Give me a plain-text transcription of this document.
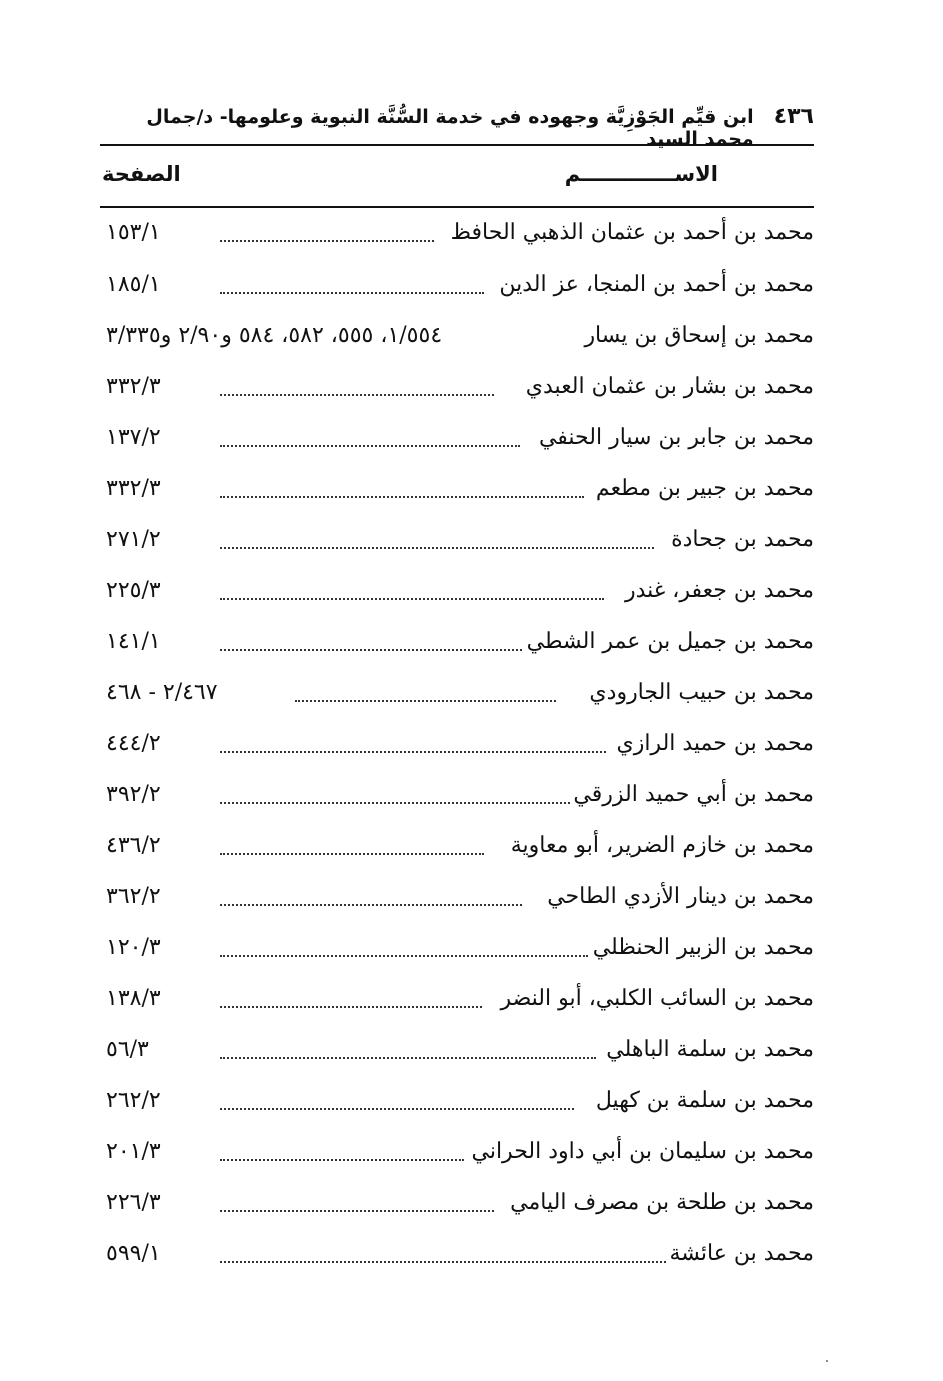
٤٣٦
ابن قيِّم الجَوْزِيَّة وجهوده في خدمة السُّنَّة النبوية وعلومها- د/جمال محمد السيد
الاســـــــــــــم
الصفحة
محمد بن أحمد بن عثمان الذهبي الحافظ
١٥٣/١
محمد بن أحمد بن المنجا، عز الدين
١٨٥/١
محمد بن إسحاق بن يسار
١/٥٥٤، ٥٥٥، ٥٨٢، ٥٨٤ و٢/٩٠ و٣/٣٣٥
محمد بن بشار بن عثمان العبدي
٣٣٢/٣
محمد بن جابر بن سيار الحنفي
١٣٧/٢
محمد بن جبير بن مطعم
٣٣٢/٣
محمد بن جحادة
٢٧١/٢
محمد بن جعفر، غندر
٢٢٥/٣
محمد بن جميل بن عمر الشطي
١٤١/١
محمد بن حبيب الجارودي
٢/٤٦٧ - ٤٦٨
محمد بن حميد الرازي
٤٤٤/٢
محمد بن أبي حميد الزرقي
٣٩٢/٢
محمد بن خازم الضرير، أبو معاوية
٤٣٦/٢
محمد بن دينار الأزدي الطاحي
٣٦٢/٢
محمد بن الزبير الحنظلي
١٢٠/٣
محمد بن السائب الكلبي، أبو النضر
١٣٨/٣
محمد بن سلمة الباهلي
٥٦/٣
محمد بن سلمة بن كهيل
٢٦٢/٢
محمد بن سليمان بن أبي داود الحراني
٢٠١/٣
محمد بن طلحة بن مصرف اليامي
٢٢٦/٣
محمد بن عائشة
٥٩٩/١
